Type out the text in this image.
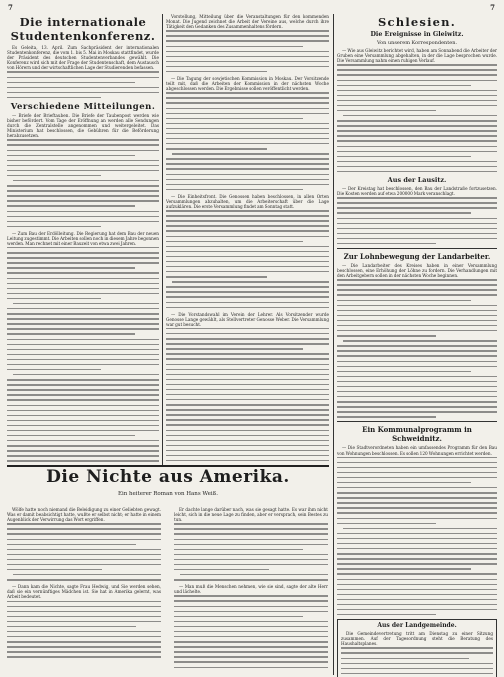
7	7
Die internationale Studentenkonferenz.

Es Geleita, 13. April. Zum Sachpräsident der internationalen Studentenkonferenz, die vom 1. bis 5. Mai in Moskau stattfindet, wurde der Präsident des deutschen Studentenverbandes gewählt. Die Konferenz wird sich mit der Frage der Studentenschaft, dem Austausch von Hörern und der wirtschaftlichen Lage der Studierenden befassen.

Verschiedene Mitteilungen.

— Briefe der Brieftauben. Die Briefe der Taubenpost werden wie bisher befördert. Vom Tage der Eröffnung an werden alle Sendungen durch die Zentralstelle angenommen und weitergeleitet. Das Ministerium hat beschlossen, die Gebühren für die Beförderung herabzusetzen.

— Zum Bau der Erdölleitung. Die Regierung hat dem Bau der neuen Leitung zugestimmt. Die Arbeiten sollen noch in diesem Jahre begonnen werden. Man rechnet mit einer Bauzeit von etwa zwei Jahren.

Vorstellung, Mitteilung über die Veranstaltungen für den kommenden Monat. Die Jugend zeichnet die Arbeit der Vereine aus, welche durch ihre Tätigkeit den Gedanken des Zusammenhaltens fördern.

— Die Tagung der sowjetischen Kommission in Moskau. Der Vorsitzende teilt mit, daß die Arbeiten der Kommission in der nächsten Woche abgeschlossen werden. Die Ergebnisse sollen veröffentlicht werden.

— Die Einheitsfront. Die Genossen haben beschlossen, in allen Orten Versammlungen abzuhalten, um die Arbeiterschaft über die Lage aufzuklären. Die erste Versammlung findet am Sonntag statt.

— Die Vorstandswahl im Verein der Lehrer. Als Vorsitzender wurde Genosse Lange gewählt, als Stellvertreter Genosse Weber. Die Versammlung war gut besucht.

Schlesien.
Die Ereignisse in Gleiwitz.
Von unserem Korrespondenten.

— Wie aus Gleiwitz berichtet wird, haben am Sonnabend die Arbeiter der Gruben eine Versammlung abgehalten, in der die Lage besprochen wurde. Die Versammlung nahm einen ruhigen Verlauf.

Aus der Lausitz.

— Der Kreistag hat beschlossen, den Bau der Landstraße fortzusetzen. Die Kosten werden auf etwa 200000 Mark veranschlagt.

Zur Lohnbewegung der Landarbeiter.

— Die Landarbeiter des Kreises haben in einer Versammlung beschlossen, eine Erhöhung der Löhne zu fordern. Die Verhandlungen mit den Arbeitgebern sollen in der nächsten Woche beginnen.

Ein Kommunalprogramm in Schweidnitz.

— Die Stadtverordneten haben ein umfassendes Programm für den Bau von Wohnungen beschlossen. Es sollen 120 Wohnungen errichtet werden.

Aus der Landgemeinde.

Die Gemeindevertretung tritt am Dienstag zu einer Sitzung zusammen. Auf der Tagesordnung steht die Beratung des Haushaltsplanes.

Die Nichte aus Amerika.
Ein heiterer Roman von Hans Weiß.

Wölfe hatte noch niemand die Beleidigung zu einer Geliebten gewagt. Was er damit beabsichtigt hatte, wußte er selbst nicht; er hatte in einem Augenblick der Verwirrung das Wort ergriffen.

— Dann kam die Nichte, sagte Frau Hedwig, und Sie werden sehen, daß sie ein vernünftiges Mädchen ist. Sie hat in Amerika gelernt, was Arbeit bedeutet.

Er dachte lange darüber nach, was sie gesagt hatte. Es war ihm nicht leicht, sich in die neue Lage zu finden, aber er versprach, sein Bestes zu tun.

— Man muß die Menschen nehmen, wie sie sind, sagte der alte Herr und lächelte.
